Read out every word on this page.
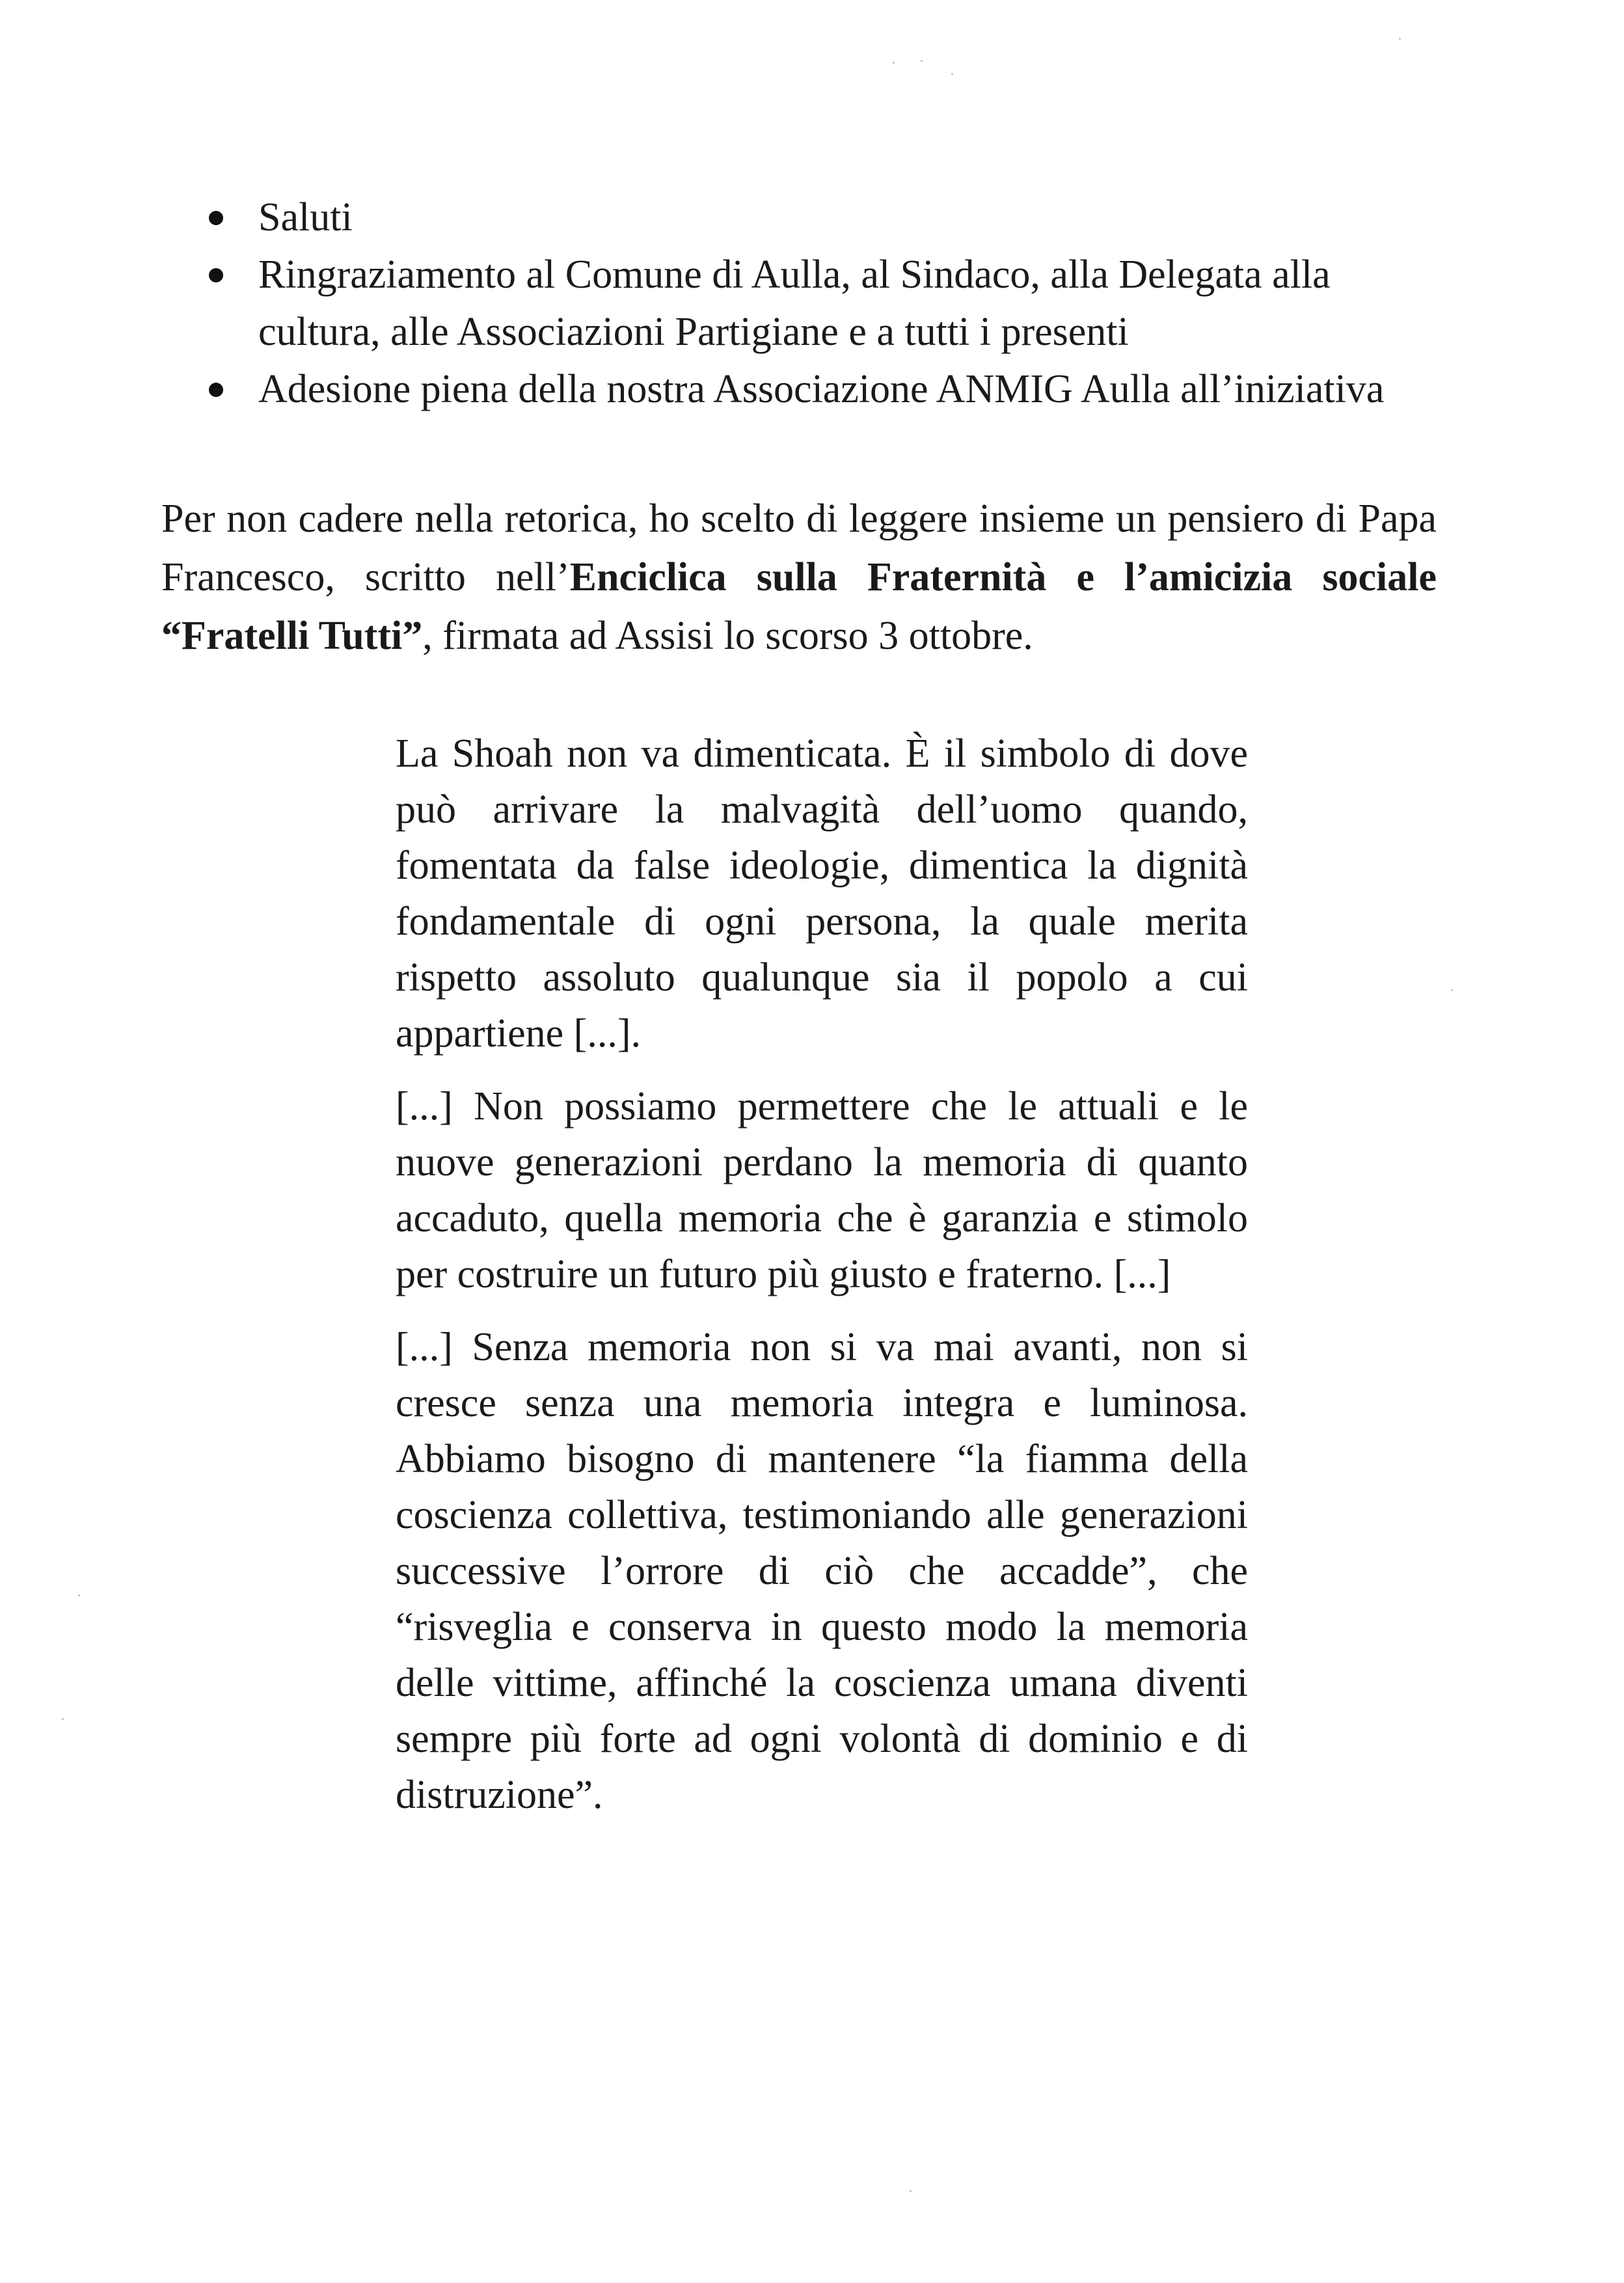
Saluti
Ringraziamento al Comune di Aulla, al Sindaco, alla Delegata alla cultura, alle Associazioni Partigiane e a tutti i presenti
Adesione piena della nostra Associazione ANMIG Aulla all’iniziativa

Per non cadere nella retorica, ho scelto di leggere insieme un pensiero di Papa Francesco, scritto nell’Enciclica sulla Fraternità e l’amicizia sociale “Fratelli Tutti”, firmata ad Assisi lo scorso 3 ottobre.

La Shoah non va dimenticata. È il simbolo di dove può arrivare la malvagità dell’uomo quando, fomentata da false ideologie, dimentica la dignità fondamentale di ogni persona, la quale merita rispetto assoluto qualunque sia il popolo a cui appartiene [...].

[...] Non possiamo permettere che le attuali e le nuove generazioni perdano la memoria di quanto accaduto, quella memoria che è garanzia e stimolo per costruire un futuro più giusto e fraterno. [...]

[...] Senza memoria non si va mai avanti, non si cresce senza una memoria integra e luminosa. Abbiamo bisogno di mantenere “la fiamma della coscienza collettiva, testimoniando alle generazioni successive l’orrore di ciò che accadde”, che “risveglia e conserva in questo modo la memoria delle vittime, affinché la coscienza umana diventi sempre più forte ad ogni volontà di dominio e di distruzione”.
